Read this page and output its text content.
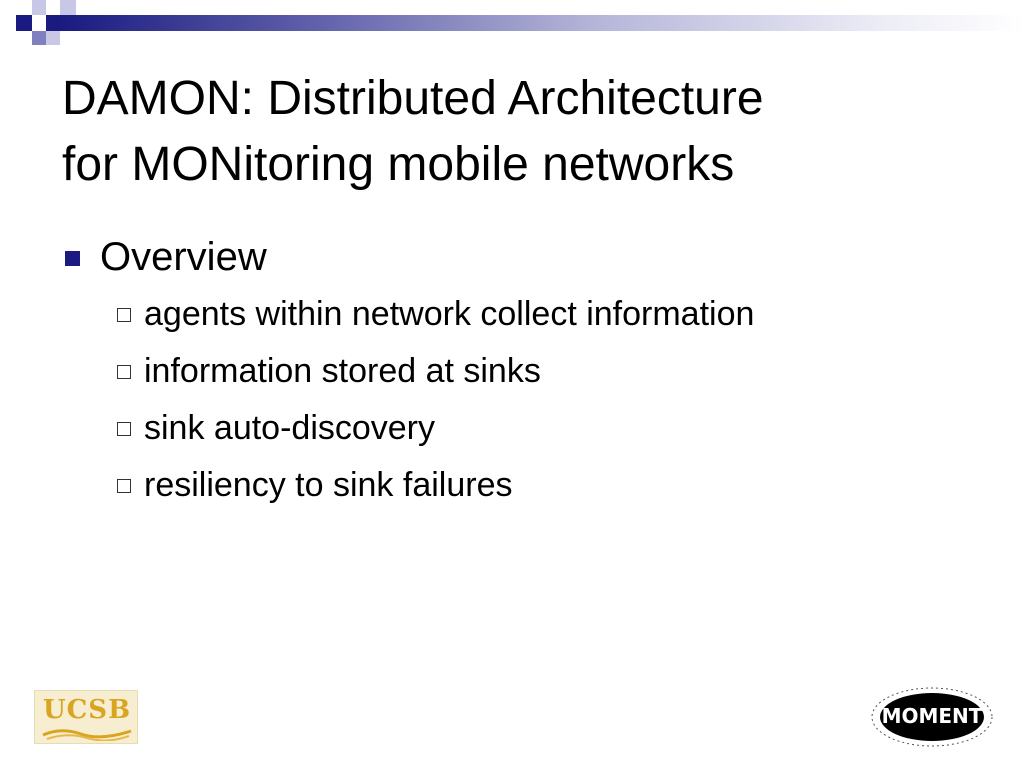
DAMON: Distributed Architecture
for MONitoring mobile networks
Overview
agents within network collect information
information stored at sinks
sink auto-discovery
resiliency to sink failures
UCSB	MOMENT
